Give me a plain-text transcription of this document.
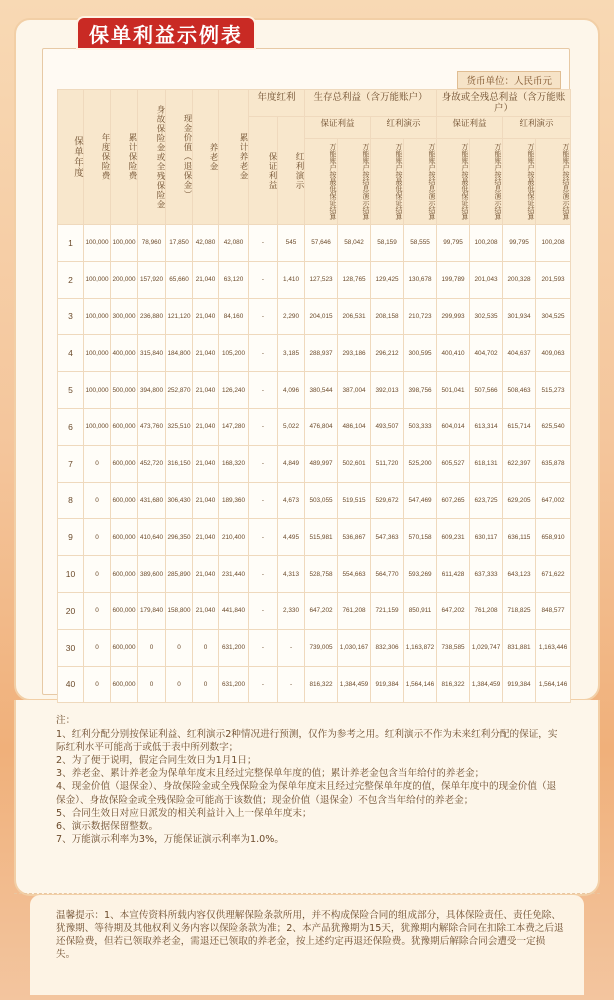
保单利益示例表
货币单位：人民币元
保单年度	年度保险费	累计保险费	身故保险金或全残保险金	现金价值（退保金）	养老金	累计养老金	年度红利		生存总利益（含万能账户）				身故或全残总利益（含万能账户）			
							保证利益	红利演示	保证利益		红利演示		保证利益		红利演示	
									万能账户按最低保证结算	万能账户按结息演示结算	万能账户按最低保证结算	万能账户按结息演示结算	万能账户按最低保证结算	万能账户按结息演示结算	万能账户按最低保证结算	万能账户按结息演示结算
1	100,000	100,000	78,960	17,850	42,080	42,080	-	545	57,646	58,042	58,159	58,555	99,795	100,208	99,795	100,208
2	100,000	200,000	157,920	65,660	21,040	63,120	-	1,410	127,523	128,765	129,425	130,678	199,789	201,043	200,328	201,593
3	100,000	300,000	236,880	121,120	21,040	84,160	-	2,290	204,015	206,531	208,158	210,723	299,993	302,535	301,934	304,525
4	100,000	400,000	315,840	184,800	21,040	105,200	-	3,185	288,937	293,186	296,212	300,595	400,410	404,702	404,637	409,063
5	100,000	500,000	394,800	252,870	21,040	126,240	-	4,096	380,544	387,004	392,013	398,756	501,041	507,566	508,463	515,273
6	100,000	600,000	473,760	325,510	21,040	147,280	-	5,022	476,804	486,104	493,507	503,333	604,014	613,314	615,714	625,540
7	0	600,000	452,720	316,150	21,040	168,320	-	4,849	489,997	502,601	511,720	525,200	605,527	618,131	622,397	635,878
8	0	600,000	431,680	306,430	21,040	189,360	-	4,673	503,055	519,515	529,672	547,469	607,265	623,725	629,205	647,002
9	0	600,000	410,640	296,350	21,040	210,400	-	4,495	515,981	536,867	547,363	570,158	609,231	630,117	636,115	658,910
10	0	600,000	389,600	285,890	21,040	231,440	-	4,313	528,758	554,663	564,770	593,269	611,428	637,333	643,123	671,622
20	0	600,000	179,840	158,800	21,040	441,840	-	2,330	647,202	761,208	721,159	850,911	647,202	761,208	718,825	848,577
30	0	600,000	0	0	0	631,200	-	-	739,005	1,030,167	832,306	1,163,872	738,585	1,029,747	831,881	1,163,446
40	0	600,000	0	0	0	631,200	-	-	816,322	1,384,459	919,384	1,564,146	816,322	1,384,459	919,384	1,564,146
注：
1、红利分配分别按保证利益、红利演示2种情况进行预测，仅作为参考之用。红利演示不作为未来红利分配的保证，实际红利水平可能高于或低于表中所列数字；
2、为了便于说明，假定合同生效日为1月1日；
3、养老金、累计养老金为保单年度末且经过完整保单年度的值；累计养老金包含当年给付的养老金；
4、现金价值（退保金）、身故保险金或全残保险金为保单年度末且经过完整保单年度的值，保单年度中的现金价值（退保金）、身故保险金或全残保险金可能高于该数值；现金价值（退保金）不包含当年给付的养老金；
5、合同生效日对应日派发的相关利益计入上一保单年度末；
6、演示数据保留整数。
7、万能演示利率为3%，万能保证演示利率为1.0%。
温馨提示：1、本宣传资料所载内容仅供理解保险条款所用，并不构成保险合同的组成部分，具体保险责任、责任免除、犹豫期、等待期及其他权利义务内容以保险条款为准；2、本产品犹豫期为15天，犹豫期内解除合同在扣除工本费之后退还保险费，但若已领取养老金，需退还已领取的养老金，按上述约定再退还保险费。犹豫期后解除合同会遭受一定损失。
